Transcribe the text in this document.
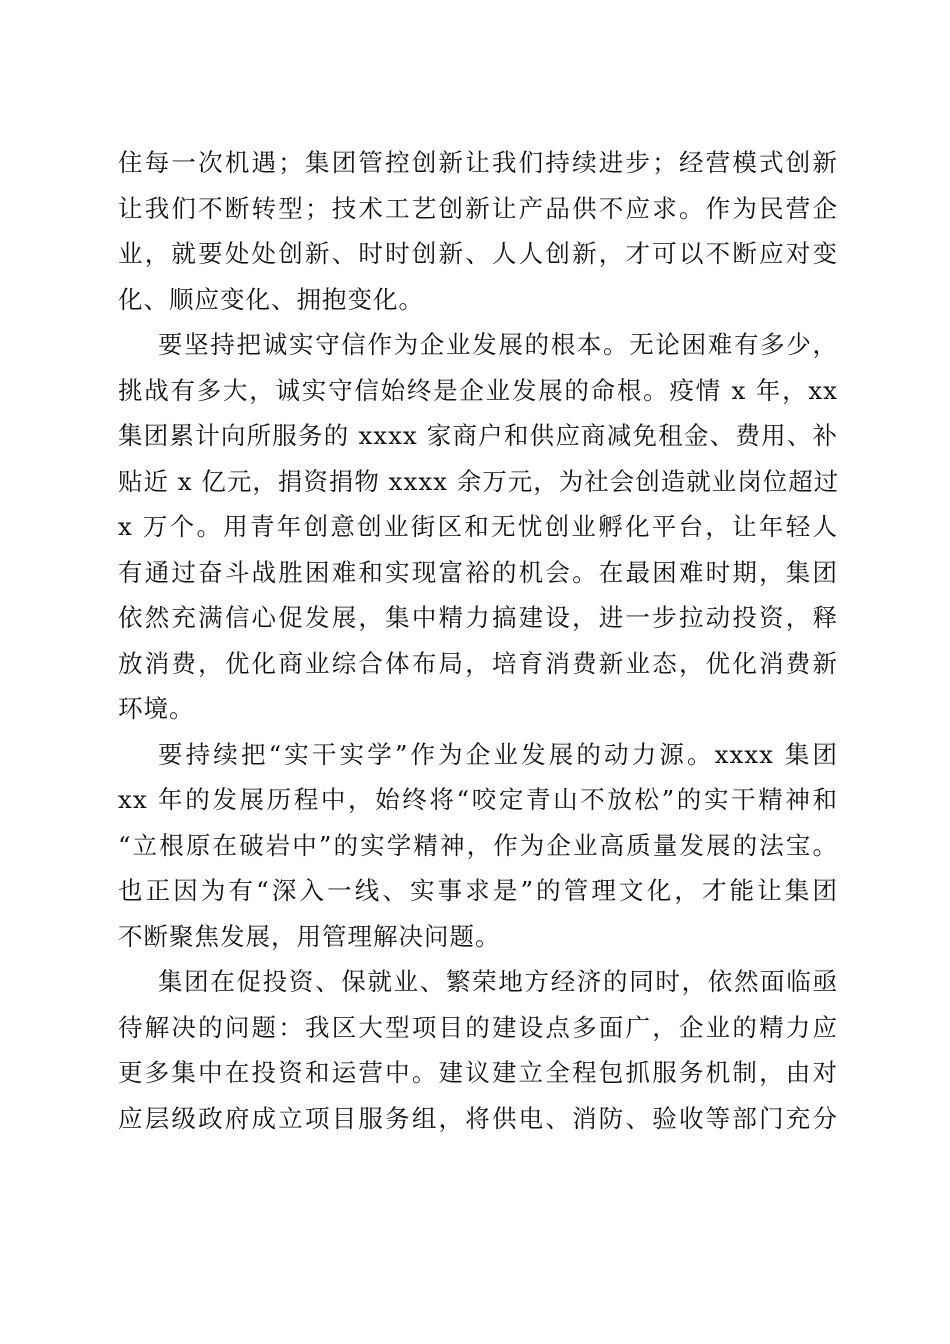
住每一次机遇；集团管控创新让我们持续进步；经营模式创新
让我们不断转型；技术工艺创新让产品供不应求。作为民营企
业，就要处处创新、时时创新、人人创新，才可以不断应对变
化、顺应变化、拥抱变化。
要坚持把诚实守信作为企业发展的根本。无论困难有多少，
挑战有多大，诚实守信始终是企业发展的命根。疫情 x 年，xx
集团累计向所服务的 xxxx 家商户和供应商减免租金、费用、补
贴近 x 亿元，捐资捐物 xxxx 余万元，为社会创造就业岗位超过
x 万个。用青年创意创业街区和无忧创业孵化平台，让年轻人
有通过奋斗战胜困难和实现富裕的机会。在最困难时期，集团
依然充满信心促发展，集中精力搞建设，进一步拉动投资，释
放消费，优化商业综合体布局，培育消费新业态，优化消费新
环境。
要持续把“实干实学”作为企业发展的动力源。xxxx 集团
xx 年的发展历程中，始终将“咬定青山不放松”的实干精神和
“立根原在破岩中”的实学精神，作为企业高质量发展的法宝。
也正因为有“深入一线、实事求是”的管理文化，才能让集团
不断聚焦发展，用管理解决问题。
集团在促投资、保就业、繁荣地方经济的同时，依然面临亟
待解决的问题：我区大型项目的建设点多面广，企业的精力应
更多集中在投资和运营中。建议建立全程包抓服务机制，由对
应层级政府成立项目服务组，将供电、消防、验收等部门充分
